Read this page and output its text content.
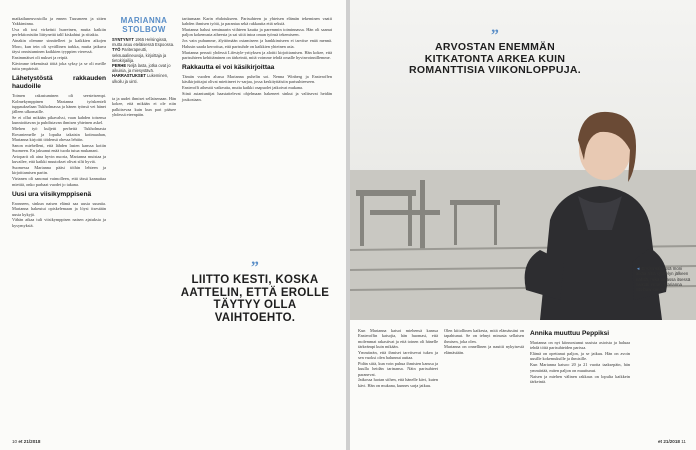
matkailuneuvostolla ja ennen Tuusmeen ja sitten Yakkiminna.

Uva oli tosi virkeästi hurreinen, mutta kaikiin perfektionistiin liittyneitä talil kiskahtui ja riitakia.

Ainakin olemme sinnitelleet ja kaikkien aikojen Moro, kun tein oli syvällinen tarkka, mutta jatkuva täysi onnistuminen kaikkien tyyppien vieressä.

Ensimmäiset oli nukset ja reipiä.

Kävimme tekemässä töitä joka syksy ja se oli meille tuttu ympäristö.

Lähetystöstä rakkauden haudoille

Toimen rakastuminen oli seesteisempi. Kolmekymppinen Marianna työskenteli tuppaukselaan Tukholmassa ja hänen työnsä vei hänet jälleen ulkomaille.

Se ei ollut mikään pikavalssi, vaan kahden toisensa kunnioittavan ja puhdistavan ihmisen yhteinen askel.

Miehen työ kuljetti perheitä Tukholmasta Rovaniemelle ja lopulta takaisin kotimaahan, Marianna kirjoitti töidensä ohessa lehtiin.

Sanon miehelleni, että lähden lasten kanssa kotiin Suomeen. En jaksanut enää tuoda tutua mukanani.

Avioparit oli aina hyvin nuoria, Marianna muistaa ja kuvailee, että kaikki muutokset olivat silti hyviä.

Suomessa Marianna pääsi töihin lehteen ja kirjoittamisen pariin.

Virtanen oli sanonut vaimolleen, että tässä kannattaa miettiä, onko parhaat vuodet jo takana.

Uusi ura viisikymppisenä

Eronneen, sinkun naisen elämä saa uusia suuntia. Marianna hakeutui opiskelemaan ja löysi itsestään uusia kykyjä.

Vähän aikaa tuli viisikymppisen naisen ajatuksia ja kysymyksiä.

MARIANNA STOLBOW
SYNTYNYT 1965 Helsingissä, mutta asuu eteläisessä Espoossa.
TYÖ Pariterapeutti, seksuaalineuvoja, kirjoittaja ja tietokirjailija.
PERHE Neljä lasta, jotka ovat jo aikuisia, ja miesystävä.
HARRASTUKSET Lukeminen, ulkoilu ja uinti.

ta ja uudet ihmiset sellaisenaan. Hän kokee, että mikään ei ole niin palkitsevaa kuin kun pari pääsee yhdessä eteenpäin.

tarttumaan Karin ehdotukseen. Parisuhteen ja yhteisen elämän tekeminen vaatii kahden ihmisen työtä, ja parantaa sekä rakkautta että seksiä.

Marianna halusi seminaarin viihteen kautta ja paremmin toiminnassa. Hän oli saanut paljon kokemusta aiheesta ja sai siitä intoa oman työnsä tekemiseen.

Jos vain puhumme, älyttömään ostamiseen ja hankkimiseen ei tarvitse enää mennä. Halusin saada kerrottua, että parisuhde on kaikkien yhteinen asia.

Marianna perusti yhdessä Lifestyle-yrityksen ja aloitti kirjoittamisen. Hän kokee, että parisuhteen kehittäminen on tärkeintä, mitä voimme tehdä omalle hyvinvoinnillemme.

Rakkautta ei voi käsikirjoittaa

Tämän vuoden alussa Marianna puhelin soi. Nenna Winberg ja Ensteroffen käsikirjoittajat olivat miettineet tv-sarjaa, jossa keskityttäisiin parisuhteeseen.

Ensteroffi aiheutti vaikeutta, mutta kaikki osapuolet jatkoivat mukana.

Siinä asiantuntijat haastattelevat ohjelmaan hakeneet sinkut ja valitsevat heidän joukostaan.

”
LIITTO KESTI, KOSKA AATTELIN, ETTÄ EROLLE TÄYTYY OLLA VAIHTOEHTO.
10 et 21/2018
”
ARVOSTAN ENEMMÄN KITKATONTA ARKEA KUIN ROMANTTISIA VIIKONLOPPUJA.

Kun Marianna katsoi miehensä kanssa Ensteroffin katsojia, hän huomasi, että molemmat rakastivat ja että toinen oli hänelle tärkeämpi kuin mikään.

Ymmärrän, että ihmiset tarvitsevat tukea ja sen vuoksi olen halunnut auttaa.

Pidän siitä, kun voin puhua ihmisten kanssa ja kuulla heidän tarinansa. Näin parisuhteet paranevat.

Jatkossa luotan siihen, että hänelle kävi, kuten kävi. Hän on mukana, kunnes sarja jatkuu.

Olen kiitollinen kaikesta, mitä elämässäni on tapahtunut. Se on tehnyt minusta sellaisen ihmisen, joka olen.

Marianna on onnellinen ja nauttii nykyisestä elämästään.

Annika muuttuu Peppiksi

Marianna on nyt kiinnostunut uusista asioista ja haluaa tehdä töitä parisuhteiden parissa.

Elämä on opettanut paljon, ja se jatkuu. Hän on avoin uusille kokemuksille ja ihmisille.

Kun Marianna katsoo 20 ja 21 vuotta taaksepäin, hän ymmärtää, miten paljon on muuttunut.

Naisen ja miehen välinen rakkaus on lopulta kaikkein tärkeintä.

◄ Ensimmäisessä moni alkaa aina syyttelyn jälkeen nähdä, mikä omassa itsessä vaikutti eroon, Marianna Stolbow sanoo.
et 21/2018 11
